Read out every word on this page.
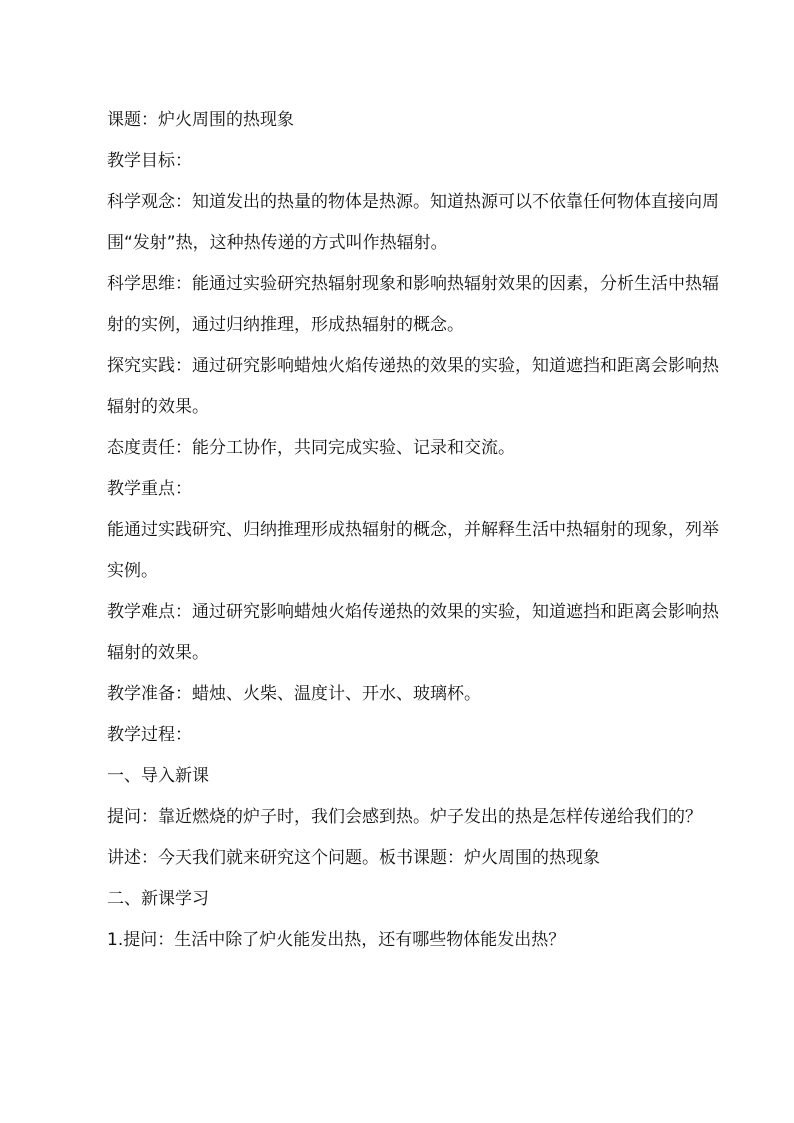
课题：炉火周围的热现象

教学目标：

科学观念：知道发出的热量的物体是热源。知道热源可以不依靠任何物体直接向周围“发射”热，这种热传递的方式叫作热辐射。

科学思维：能通过实验研究热辐射现象和影响热辐射效果的因素，分析生活中热辐射的实例，通过归纳推理，形成热辐射的概念。

探究实践：通过研究影响蜡烛火焰传递热的效果的实验，知道遮挡和距离会影响热辐射的效果。

态度责任：能分工协作，共同完成实验、记录和交流。

教学重点：

能通过实践研究、归纳推理形成热辐射的概念，并解释生活中热辐射的现象，列举实例。

教学难点：通过研究影响蜡烛火焰传递热的效果的实验，知道遮挡和距离会影响热辐射的效果。

教学准备：蜡烛、火柴、温度计、开水、玻璃杯。

教学过程：

一、导入新课

提问：靠近燃烧的炉子时，我们会感到热。炉子发出的热是怎样传递给我们的？

讲述：今天我们就来研究这个问题。板书课题：炉火周围的热现象

二、新课学习

1.提问：生活中除了炉火能发出热，还有哪些物体能发出热？
